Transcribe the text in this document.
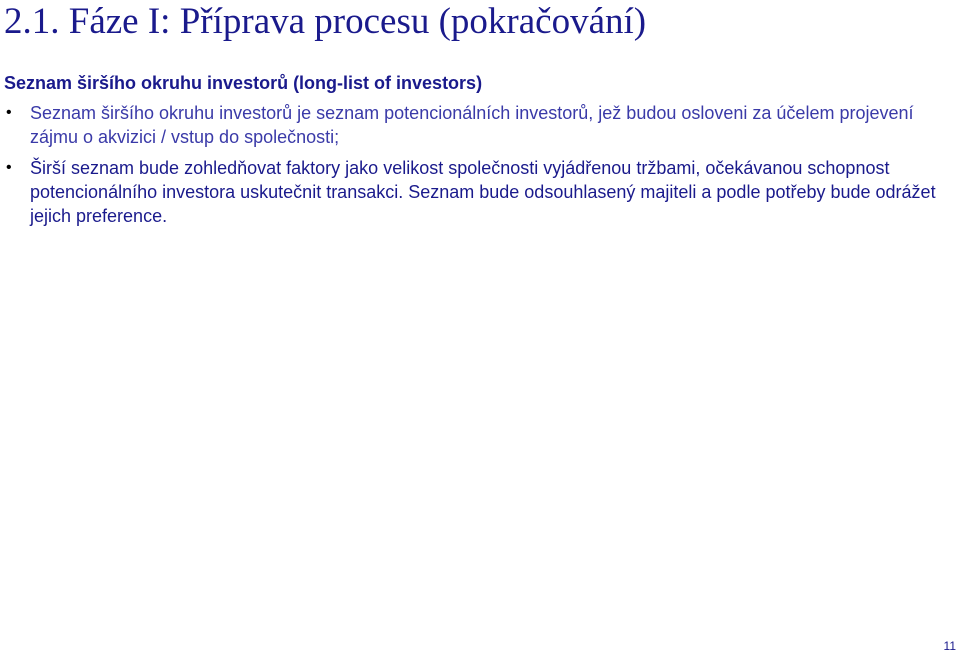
2.1. Fáze I: Příprava procesu (pokračování)
Seznam širšího okruhu investorů (long-list of investors)
• Seznam širšího okruhu investorů je seznam potencionálních investorů, jež budou osloveni za účelem projevení zájmu o akvizici / vstup do společnosti;
• Širší seznam bude zohledňovat faktory jako velikost společnosti vyjádřenou tržbami, očekávanou schopnost potencionálního investora uskutečnit transakci. Seznam bude odsouhlasený majiteli a podle potřeby bude odrážet jejich preference.
11
